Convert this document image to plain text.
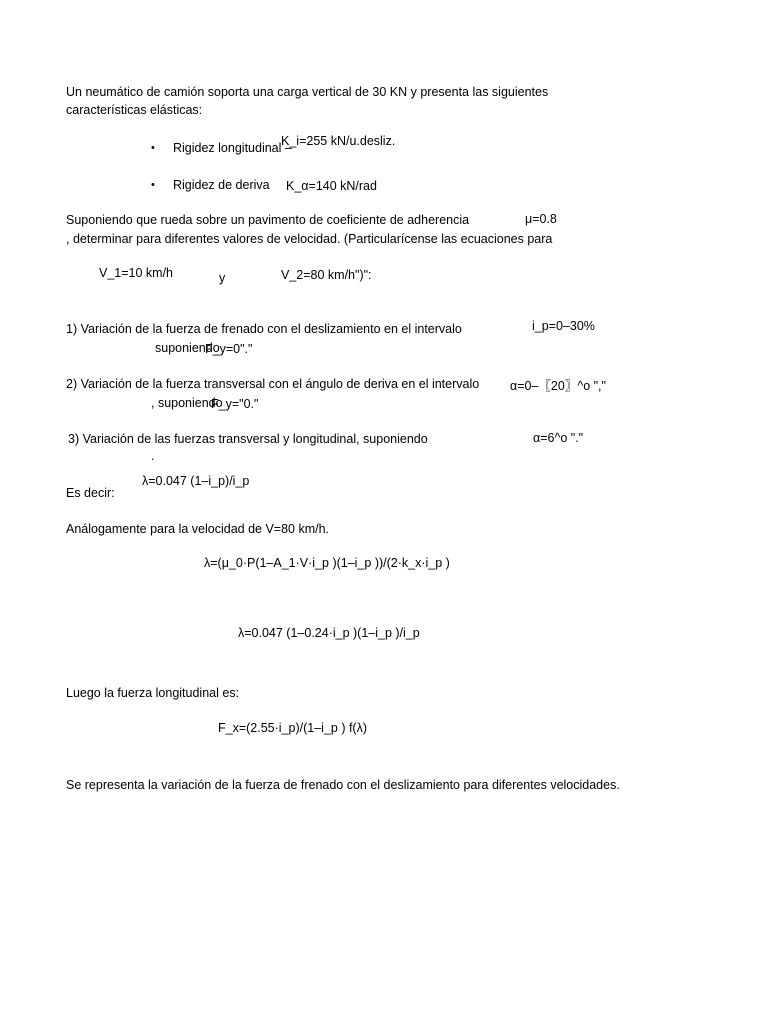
Un neumático de camión soporta una carga vertical de 30 KN y presenta las siguientes
características elásticas:
• Rigidez longitudinal –
K_i=255 kN/u.desliz.
• Rigidez de deriva K_α=140 kN/rad
Suponiendo que rueda sobre un pavimento de coeficiente de adherencia	μ=0.8
, determinar para diferentes valores de velocidad. (Particularícense las ecuaciones para
V_1=10 km/h	y	V_2=80 km/h")":
1) Variación de la fuerza de frenado con el deslizamiento en el intervalo	i_p=0–30%
suponiendo
F_y=0"."
2) Variación de la fuerza transversal con el ángulo de deriva en el intervalo α=0–〖20〗^o ","
, suponiendo
F_y="0."
3) Variación de las fuerzas transversal y longitudinal, suponiendo	α=6^o "."
.
λ=0.047 (1–i_p)/i_p
Es decir:
Análogamente para la velocidad de V=80 km/h.
λ=(μ_0·P(1–A_1·V·i_p )(1–i_p ))/(2·k_x·i_p )
λ=0.047 (1–0.24·i_p )(1–i_p )/i_p
Luego la fuerza longitudinal es:
F_x=(2.55·i_p)/(1–i_p ) f(λ)
Se representa la variación de la fuerza de frenado con el deslizamiento para diferentes velocidades.
